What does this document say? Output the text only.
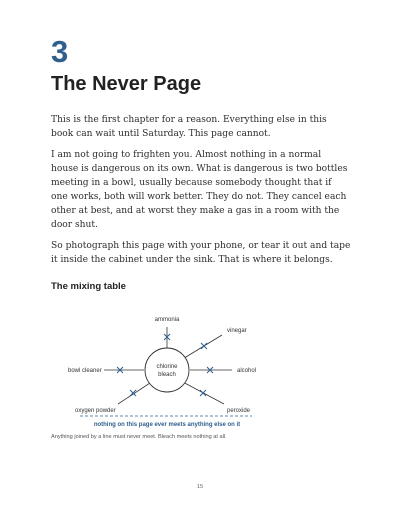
3
The Never Page

This is the first chapter for a reason. Everything else in this book can wait until Saturday. This page cannot.

I am not going to frighten you. Almost nothing in a normal house is dangerous on its own. What is dangerous is two bottles meeting in a bowl, usually because somebody thought that if one works, both will work better. They do not. They cancel each other at best, and at worst they make a gas in a room with the door shut.

So photograph this page with your phone, or tear it out and tape it inside the cabinet under the sink. That is where it belongs.

The mixing table
chlorine
bleach
ammonia
vinegar
alcohol
peroxide
oxygen powder
bowl cleaner
nothing on this page ever meets anything else on it
Anything joined by a line must never meet. Bleach meets nothing at all.
15
